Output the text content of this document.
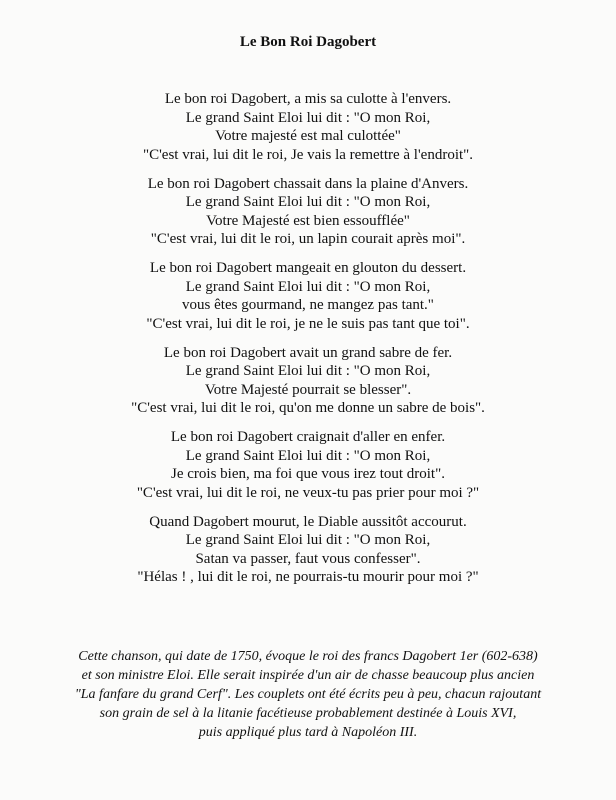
Le Bon Roi Dagobert
Le bon roi Dagobert, a mis sa culotte à l'envers.
Le grand Saint Eloi lui dit : "O mon Roi,
Votre majesté est mal culottée"
"C'est vrai, lui dit le roi, Je vais la remettre à l'endroit".
Le bon roi Dagobert chassait dans la plaine d'Anvers.
Le grand Saint Eloi lui dit : "O mon Roi,
Votre Majesté est bien essoufflée"
"C'est vrai, lui dit le roi, un lapin courait après moi".
Le bon roi Dagobert mangeait en glouton du dessert.
Le grand Saint Eloi lui dit : "O mon Roi,
vous êtes gourmand, ne mangez pas tant."
"C'est vrai, lui dit le roi, je ne le suis pas tant que toi".
Le bon roi Dagobert avait un grand sabre de fer.
Le grand Saint Eloi lui dit : "O mon Roi,
Votre Majesté pourrait se blesser".
"C'est vrai, lui dit le roi, qu'on me donne un sabre de bois".
Le bon roi Dagobert craignait d'aller en enfer.
Le grand Saint Eloi lui dit : "O mon Roi,
Je crois bien, ma foi que vous irez tout droit".
"C'est vrai, lui dit le roi, ne veux-tu pas prier pour moi ?"
Quand Dagobert mourut, le Diable aussitôt accourut.
Le grand Saint Eloi lui dit : "O mon Roi,
Satan va passer, faut vous confesser".
"Hélas ! , lui dit le roi, ne pourrais-tu mourir pour moi ?"
Cette chanson, qui date de 1750, évoque le roi des francs Dagobert 1er (602-638)
et son ministre Eloi. Elle serait inspirée d'un air de chasse beaucoup plus ancien
"La fanfare du grand Cerf". Les couplets ont été écrits peu à peu, chacun rajoutant
son grain de sel à la litanie facétieuse probablement destinée à Louis XVI,
puis appliqué plus tard à Napoléon III.
